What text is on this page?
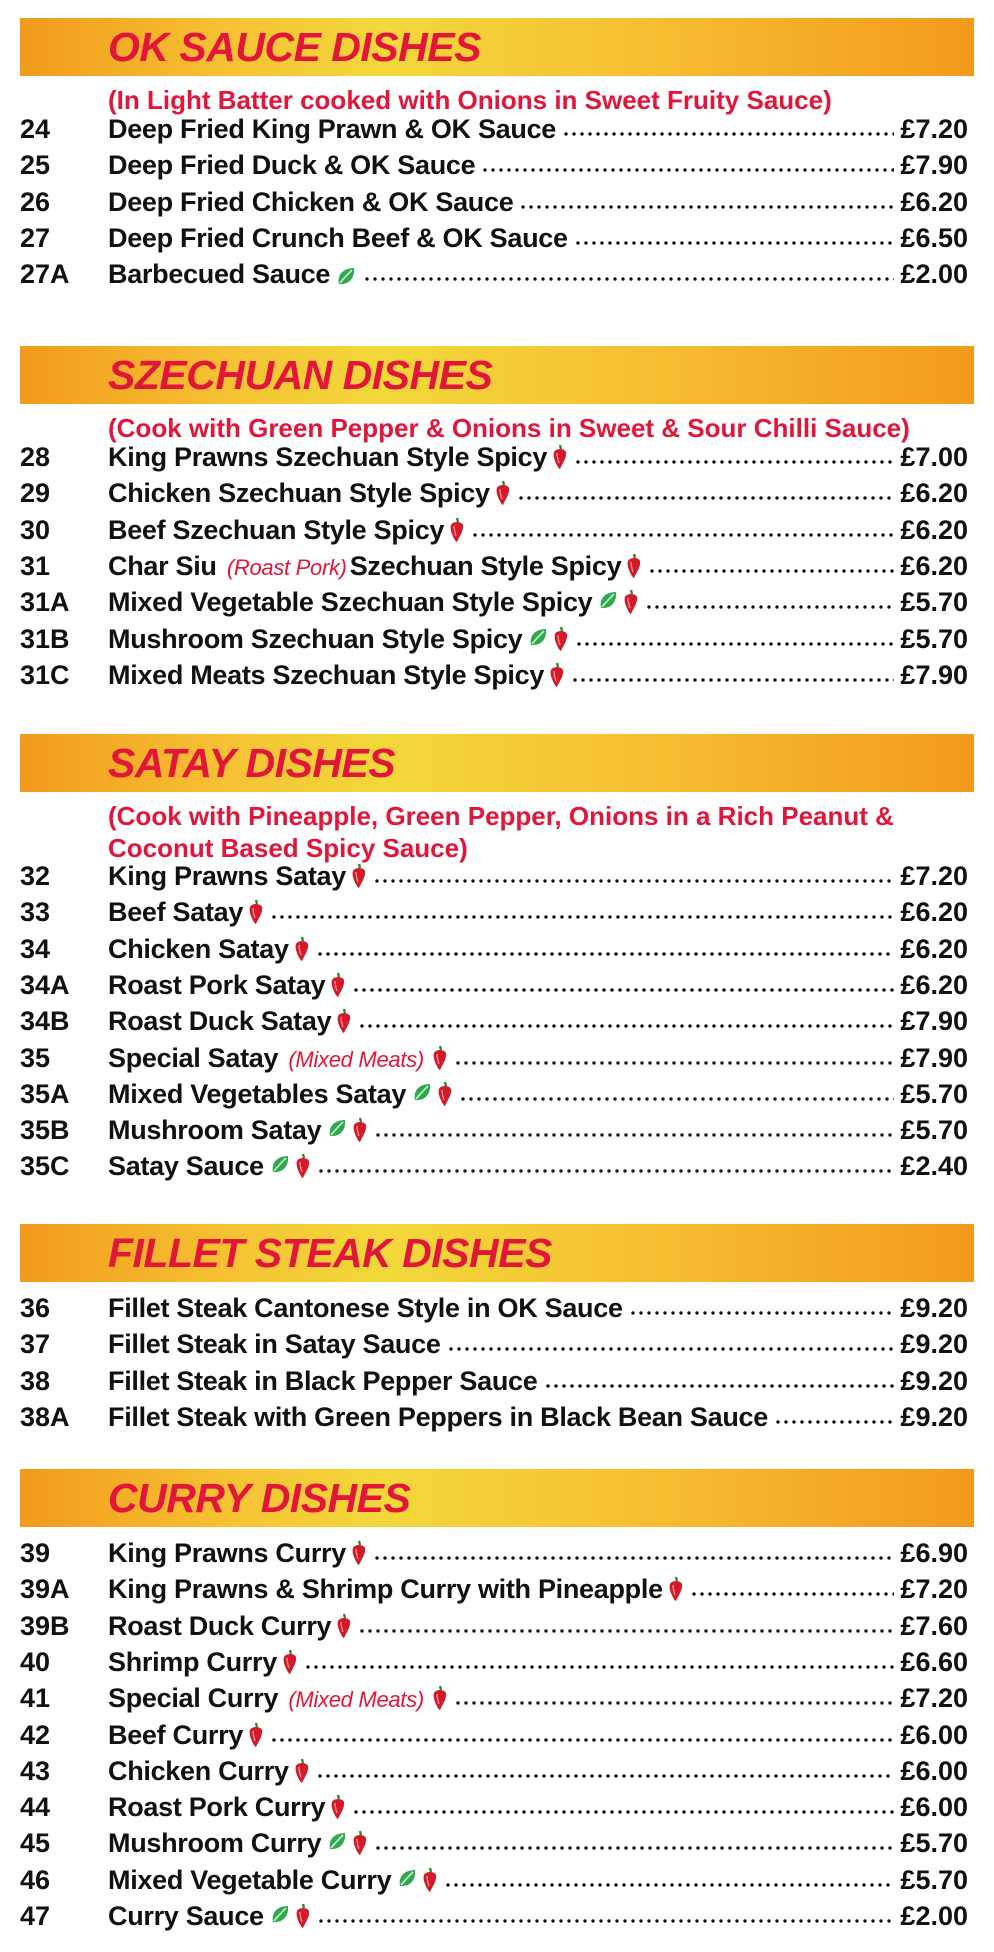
OK SAUCE DISHES
(In Light Batter cooked with Onions in Sweet Fruity Sauce)
24	Deep Fried King Prawn & OK Sauce	£7.20
25	Deep Fried Duck & OK Sauce	£7.90
26	Deep Fried Chicken & OK Sauce	£6.20
27	Deep Fried Crunch Beef & OK Sauce	£6.50
27A	Barbecued Sauce	£2.00
SZECHUAN DISHES
(Cook with Green Pepper & Onions in Sweet & Sour Chilli Sauce)
28	King Prawns Szechuan Style Spicy	£7.00
29	Chicken Szechuan Style Spicy	£6.20
30	Beef Szechuan Style Spicy	£6.20
31	Char Siu (Roast Pork) Szechuan Style Spicy	£6.20
31A	Mixed Vegetable Szechuan Style Spicy	£5.70
31B	Mushroom Szechuan Style Spicy	£5.70
31C	Mixed Meats Szechuan Style Spicy	£7.90
SATAY DISHES
(Cook with Pineapple, Green Pepper, Onions in a Rich Peanut &
Coconut Based Spicy Sauce)
32	King Prawns Satay	£7.20
33	Beef Satay	£6.20
34	Chicken Satay	£6.20
34A	Roast Pork Satay	£6.20
34B	Roast Duck Satay	£7.90
35	Special Satay (Mixed Meats)	£7.90
35A	Mixed Vegetables Satay	£5.70
35B	Mushroom Satay	£5.70
35C	Satay Sauce	£2.40
FILLET STEAK DISHES
36	Fillet Steak Cantonese Style in OK Sauce	£9.20
37	Fillet Steak in Satay Sauce	£9.20
38	Fillet Steak in Black Pepper Sauce	£9.20
38A	Fillet Steak with Green Peppers in Black Bean Sauce	£9.20
CURRY DISHES
39	King Prawns Curry	£6.90
39A	King Prawns & Shrimp Curry with Pineapple	£7.20
39B	Roast Duck Curry	£7.60
40	Shrimp Curry	£6.60
41	Special Curry (Mixed Meats)	£7.20
42	Beef Curry	£6.00
43	Chicken Curry	£6.00
44	Roast Pork Curry	£6.00
45	Mushroom Curry	£5.70
46	Mixed Vegetable Curry	£5.70
47	Curry Sauce	£2.00
